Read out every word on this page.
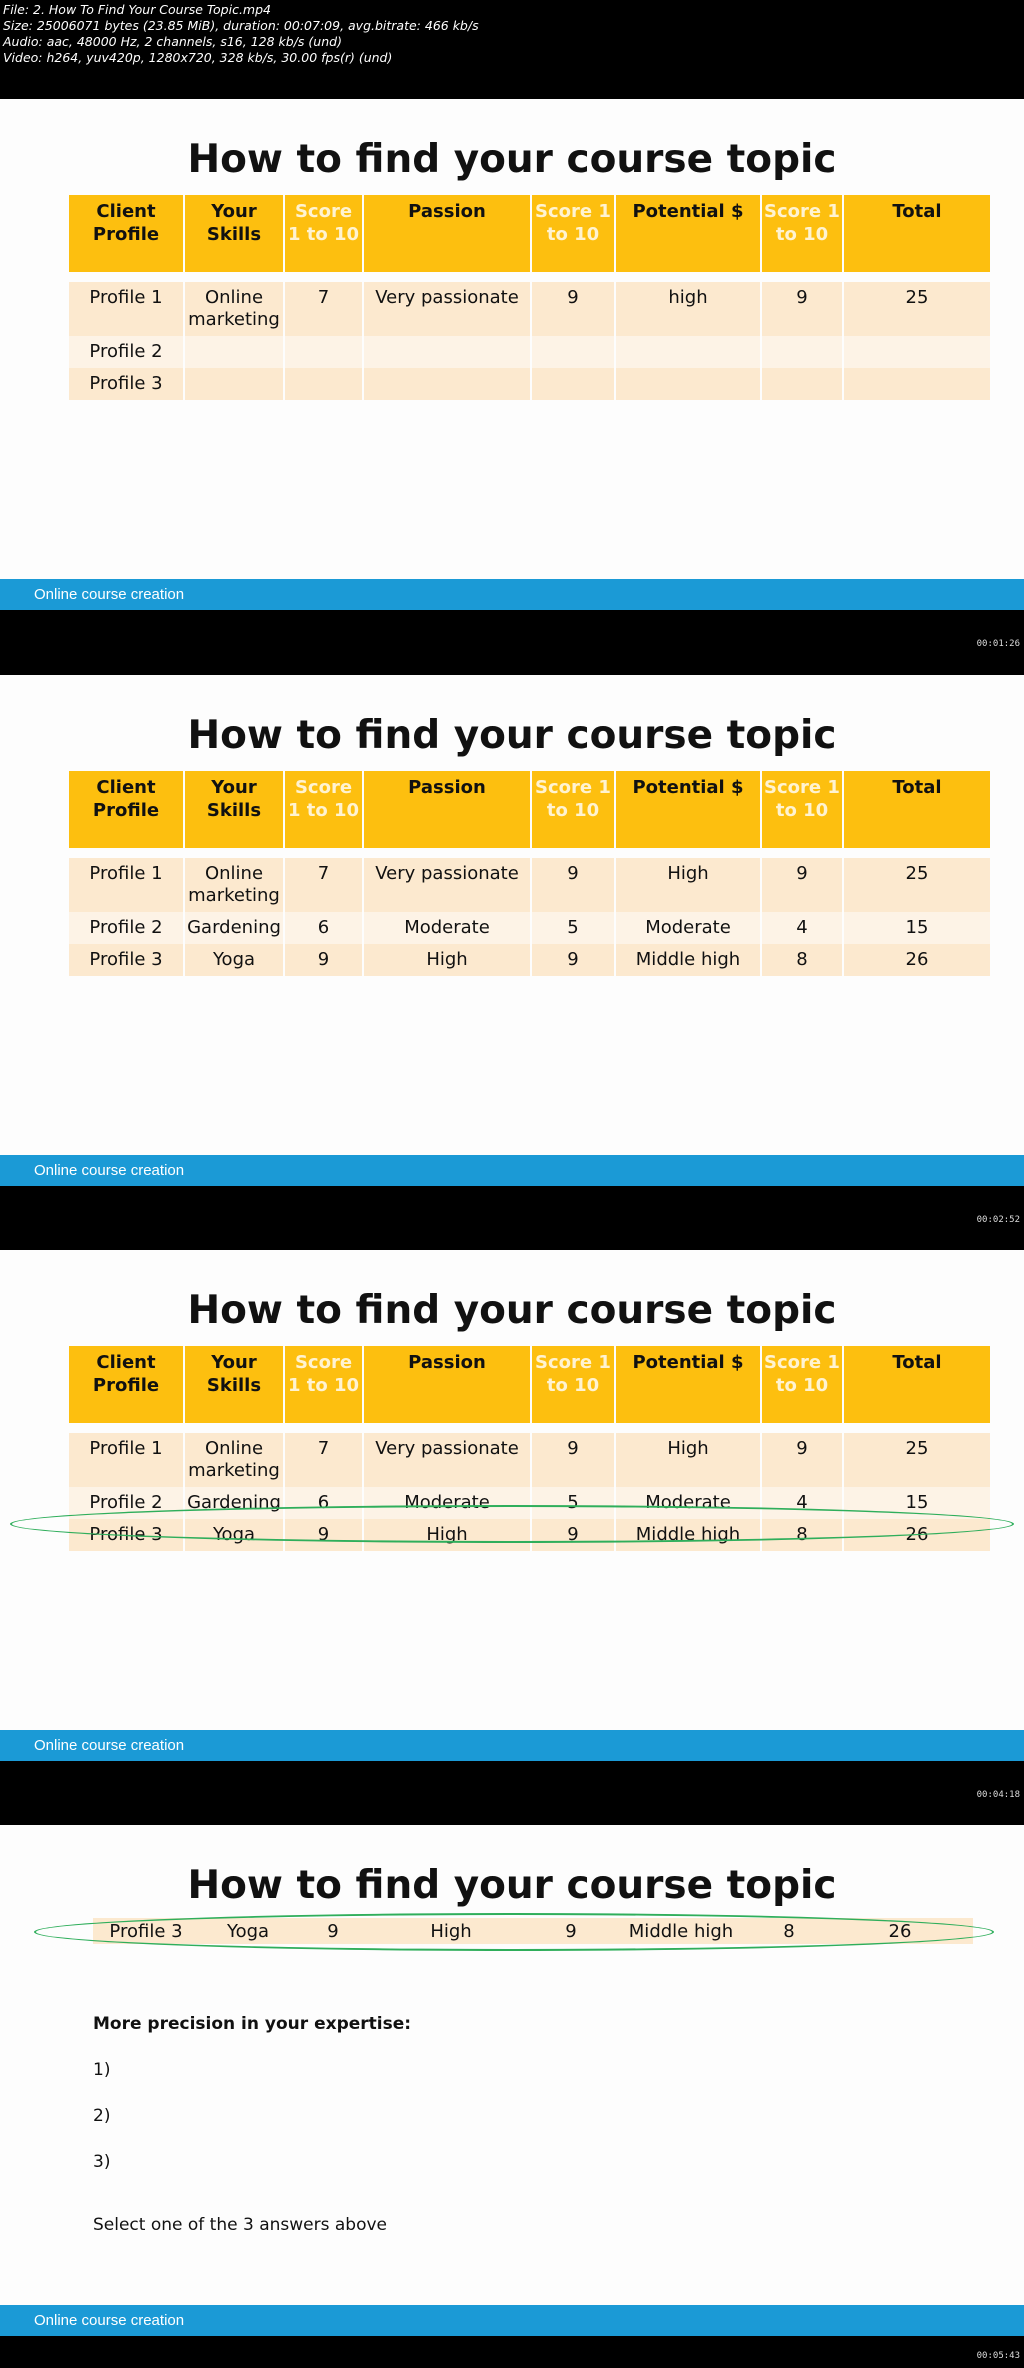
File: 2. How To Find Your Course Topic.mp4
Size: 25006071 bytes (23.85 MiB), duration: 00:07:09, avg.bitrate: 466 kb/s
Audio: aac, 48000 Hz, 2 channels, s16, 128 kb/s (und)
Video: h264, yuv420p, 1280x720, 328 kb/s, 30.00 fps(r) (und)
How to find your course topic
Client Profile	Your Skills	Score 1 to 10	Passion	Score 1 to 10	Potential $	Score 1 to 10	Total

Profile 1	Online marketing	7	Very passionate	9	high	9	25
Profile 2							
Profile 3							
Online course creation
00:01:26
How to find your course topic
Client Profile	Your Skills	Score 1 to 10	Passion	Score 1 to 10	Potential $	Score 1 to 10	Total

Profile 1	Online marketing	7	Very passionate	9	High	9	25
Profile 2	Gardening	6	Moderate	5	Moderate	4	15
Profile 3	Yoga	9	High	9	Middle high	8	26
Online course creation
00:02:52
How to find your course topic
Client Profile	Your Skills	Score 1 to 10	Passion	Score 1 to 10	Potential $	Score 1 to 10	Total

Profile 1	Online marketing	7	Very passionate	9	High	9	25
Profile 2	Gardening	6	Moderate	5	Moderate	4	15
Profile 3	Yoga	9	High	9	Middle high	8	26
Online course creation
00:04:18
How to find your course topic
Profile 3 Yoga	9	High	9	Middle high	8	26
More precision in your expertise:
1)
2)
3)
Select one of the 3 answers above
Online course creation
00:05:43
